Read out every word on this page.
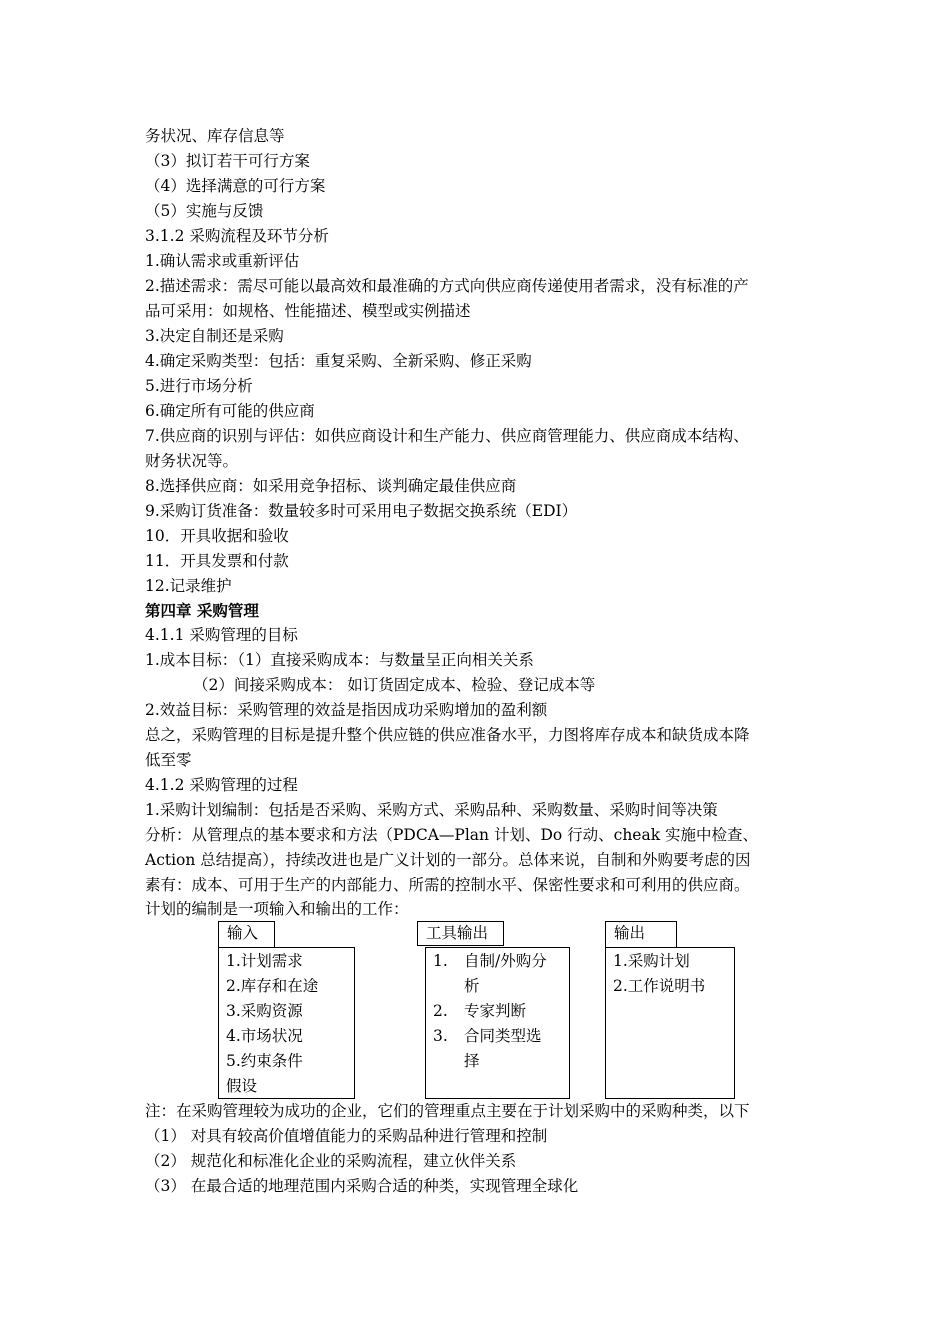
务状况、库存信息等
（3）拟订若干可行方案
（4）选择满意的可行方案
（5）实施与反馈
3.1.2 采购流程及环节分析
1.确认需求或重新评估
2.描述需求：需尽可能以最高效和最准确的方式向供应商传递使用者需求，没有标准的产
品可采用：如规格、性能描述、模型或实例描述
3.决定自制还是采购
4.确定采购类型：包括：重复采购、全新采购、修正采购
5.进行市场分析
6.确定所有可能的供应商
7.供应商的识别与评估：如供应商设计和生产能力、供应商管理能力、供应商成本结构、
财务状况等。
8.选择供应商：如采用竞争招标、谈判确定最佳供应商
9.采购订货准备：数量较多时可采用电子数据交换系统（EDI）
10．开具收据和验收
11．开具发票和付款
12.记录维护
第四章 采购管理
4.1.1 采购管理的目标
1.成本目标：（1）直接采购成本：与数量呈正向相关关系
（2）间接采购成本： 如订货固定成本、检验、登记成本等
2.效益目标：采购管理的效益是指因成功采购增加的盈利额
总之，采购管理的目标是提升整个供应链的供应准备水平，力图将库存成本和缺货成本降
低至零
4.1.2 采购管理的过程
1.采购计划编制：包括是否采购、采购方式、采购品种、采购数量、采购时间等决策
分析：从管理点的基本要求和方法（PDCA—Plan 计划、Do 行动、cheak 实施中检查、
Action 总结提高），持续改进也是广义计划的一部分。总体来说，自制和外购要考虑的因
素有：成本、可用于生产的内部能力、所需的控制水平、保密性要求和可利用的供应商。
计划的编制是一项输入和输出的工作：
输入
1.计划需求
2.库存和在途
3.采购资源
4.市场状况
5.约束条件
假设
工具输出
1. 自制/外购分
析
2. 专家判断
3. 合同类型选
择
输出
1.采购计划
2.工作说明书
注：在采购管理较为成功的企业，它们的管理重点主要在于计划采购中的采购种类，以下
（1） 对具有较高价值增值能力的采购品种进行管理和控制
（2） 规范化和标准化企业的采购流程，建立伙伴关系
（3） 在最合适的地理范围内采购合适的种类，实现管理全球化
